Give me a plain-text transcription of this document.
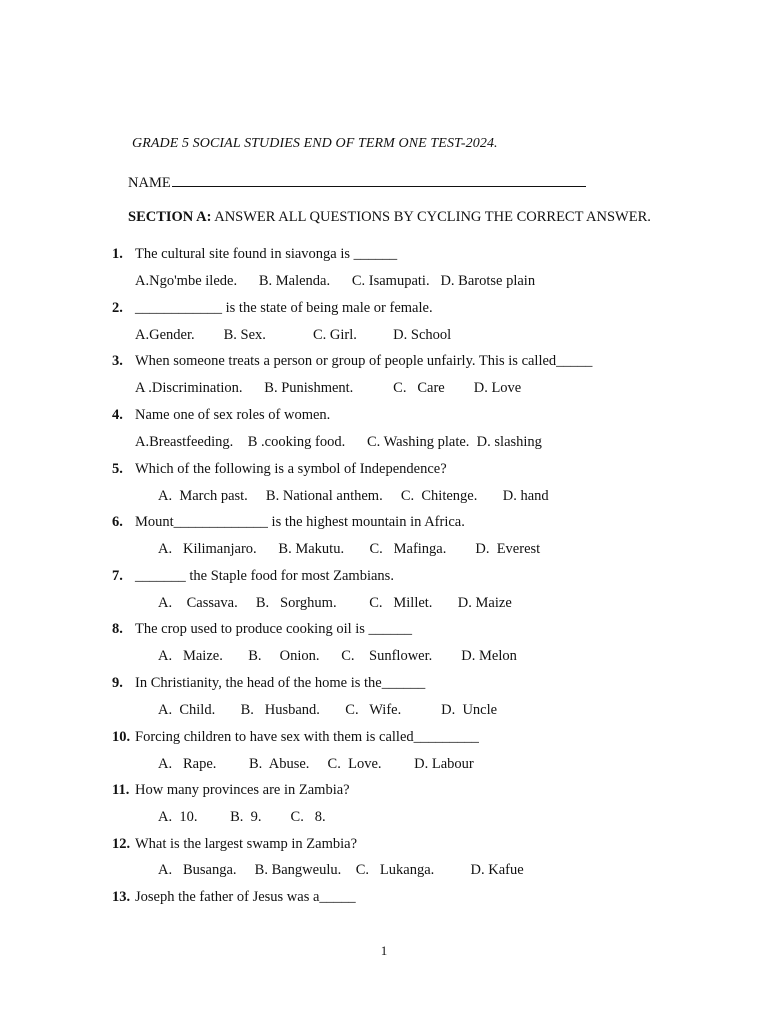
GRADE 5 SOCIAL STUDIES END OF TERM ONE TEST-2024.
NAME
SECTION A: ANSWER ALL QUESTIONS BY CYCLING THE CORRECT ANSWER.
1. The cultural site found in siavonga is ______
A.Ngo'mbe ilede.      B. Malenda.      C. Isamupati.   D. Barotse plain
2. ____________ is the state of being male or female.
A.Gender.        B. Sex.             C. Girl.          D. School
3. When someone treats a person or group of people unfairly. This is called_____
A .Discrimination.      B. Punishment.           C.   Care        D. Love
4. Name one of sex roles of women.
A.Breastfeeding.    B .cooking food.      C. Washing plate.  D. slashing
5. Which of the following is a symbol of Independence?
A.  March past.     B. National anthem.     C.  Chitenge.       D. hand
6. Mount_____________ is the highest mountain in Africa.
A.   Kilimanjaro.      B. Makutu.       C.   Mafinga.        D.  Everest
7. _______ the Staple food for most Zambians.
A.    Cassava.     B.   Sorghum.         C.   Millet.       D. Maize
8. The crop used to produce cooking oil is ______
A.   Maize.       B.     Onion.      C.    Sunflower.        D. Melon
9. In Christianity, the head of the home is the______
A.  Child.       B.   Husband.       C.   Wife.           D.  Uncle
10. Forcing children to have sex with them is called_________
A.   Rape.         B.  Abuse.     C.  Love.         D. Labour
11. How many provinces are in Zambia?
A.  10.         B.  9.        C.   8.
12. What is the largest swamp in Zambia?
A.   Busanga.     B. Bangweulu.    C.   Lukanga.          D. Kafue
13. Joseph the father of Jesus was a_____
1
